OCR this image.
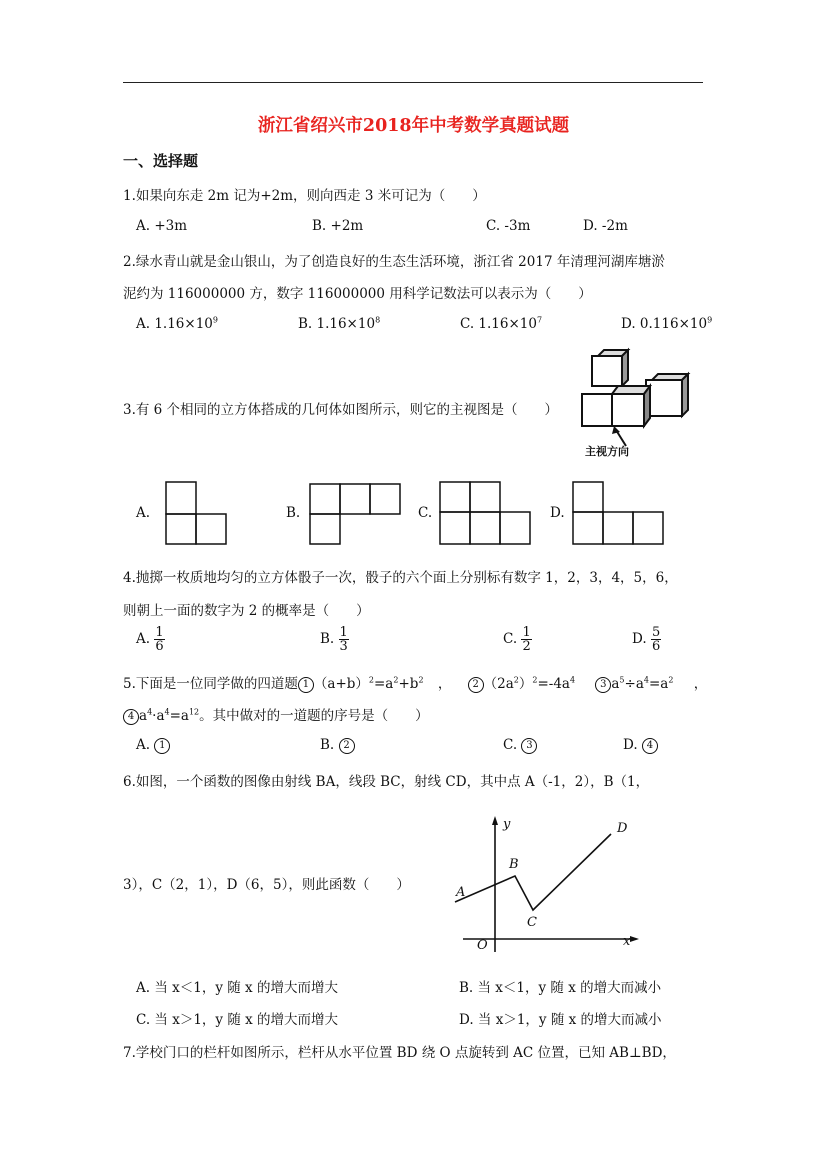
浙江省绍兴市2018年中考数学真题试题
一、选择题
1.如果向东走 2m 记为+2m，则向西走 3 米可记为（　　）
A. +3m	B. +2m	C. -3m	D. -2m
2.绿水青山就是金山银山，为了创造良好的生态生活环境，浙江省 2017 年清理河湖库塘淤
泥约为 116000000 方，数字 116000000 用科学记数法可以表示为（　　）
A. $1.16\times 10^9$	B. $1.16\times 10^8$	C. $1.16\times 10^7$	D. $0.116\times 10^9$
3.有 6 个相同的立方体搭成的几何体如图所示，则它的主视图是（　　）
主视方向
A.	B.	C.	D.
4.抛掷一枚质地均匀的立方体骰子一次，骰子的六个面上分别标有数字 1，2，3，4，5，6，
则朝上一面的数字为 2 的概率是（　　）
A. $\frac{1}{6}$	B. $\frac{1}{3}$	C. $\frac{1}{2}$	D. $\frac{5}{6}$
5.下面是一位同学做的四道题 1 $(a+b)^2=a^2+b^2$ ， 2 $(2a^2)^2=-4a^4$	3 $a^5\div a^4=a^2$ ，
4 $a^4\cdot a^4=a^{12}$。其中做对的一道题的序号是（　　）
A. 1	B. 2	C. 3	D. 4
6.如图，一个函数的图像由射线 BA，线段 BC，射线 CD，其中点 A（-1，2），B（1，
3），C（2，1），D（6，5），则此函数（　　）
y
x
O
A
B
C
D
A. 当 x＜1，y 随 x 的增大而增大	B. 当 x＜1，y 随 x 的增大而减小
C. 当 x＞1，y 随 x 的增大而增大	D. 当 x＞1，y 随 x 的增大而减小
7.学校门口的栏杆如图所示，栏杆从水平位置 BD 绕 O 点旋转到 AC 位置，已知 AB⊥BD，
